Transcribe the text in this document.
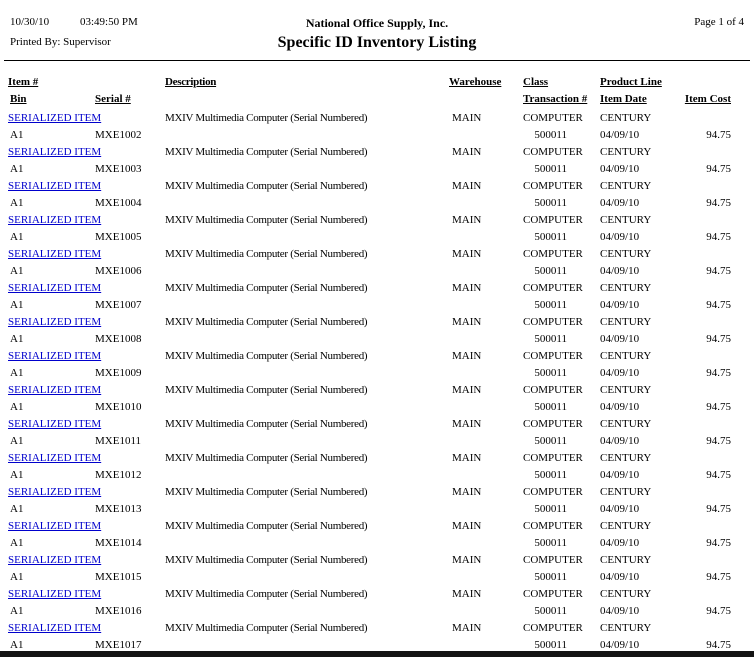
10/30/10	03:49:50 PM	National Office Supply, Inc.	Page 1 of 4
Printed By: Supervisor	Specific ID Inventory Listing
Item #	Description	Warehouse Class	Product Line
Bin	Serial #	Transaction # Item Date	Item Cost
SERIALIZED ITEM	MXIV Multimedia Computer (Serial Numbered)	MAIN	COMPUTER CENTURY
A1	MXE1002	500011	04/09/10	94.75
SERIALIZED ITEM	MXIV Multimedia Computer (Serial Numbered)	MAIN	COMPUTER CENTURY
A1	MXE1003	500011	04/09/10	94.75
SERIALIZED ITEM	MXIV Multimedia Computer (Serial Numbered)	MAIN	COMPUTER CENTURY
A1	MXE1004	500011	04/09/10	94.75
SERIALIZED ITEM	MXIV Multimedia Computer (Serial Numbered)	MAIN	COMPUTER CENTURY
A1	MXE1005	500011	04/09/10	94.75
SERIALIZED ITEM	MXIV Multimedia Computer (Serial Numbered)	MAIN	COMPUTER CENTURY
A1	MXE1006	500011	04/09/10	94.75
SERIALIZED ITEM	MXIV Multimedia Computer (Serial Numbered)	MAIN	COMPUTER CENTURY
A1	MXE1007	500011	04/09/10	94.75
SERIALIZED ITEM	MXIV Multimedia Computer (Serial Numbered)	MAIN	COMPUTER CENTURY
A1	MXE1008	500011	04/09/10	94.75
SERIALIZED ITEM	MXIV Multimedia Computer (Serial Numbered)	MAIN	COMPUTER CENTURY
A1	MXE1009	500011	04/09/10	94.75
SERIALIZED ITEM	MXIV Multimedia Computer (Serial Numbered)	MAIN	COMPUTER CENTURY
A1	MXE1010	500011	04/09/10	94.75
SERIALIZED ITEM	MXIV Multimedia Computer (Serial Numbered)	MAIN	COMPUTER CENTURY
A1	MXE1011	500011	04/09/10	94.75
SERIALIZED ITEM	MXIV Multimedia Computer (Serial Numbered)	MAIN	COMPUTER CENTURY
A1	MXE1012	500011	04/09/10	94.75
SERIALIZED ITEM	MXIV Multimedia Computer (Serial Numbered)	MAIN	COMPUTER CENTURY
A1	MXE1013	500011	04/09/10	94.75
SERIALIZED ITEM	MXIV Multimedia Computer (Serial Numbered)	MAIN	COMPUTER CENTURY
A1	MXE1014	500011	04/09/10	94.75
SERIALIZED ITEM	MXIV Multimedia Computer (Serial Numbered)	MAIN	COMPUTER CENTURY
A1	MXE1015	500011	04/09/10	94.75
SERIALIZED ITEM	MXIV Multimedia Computer (Serial Numbered)	MAIN	COMPUTER CENTURY
A1	MXE1016	500011	04/09/10	94.75
SERIALIZED ITEM	MXIV Multimedia Computer (Serial Numbered)	MAIN	COMPUTER CENTURY
A1	MXE1017	500011	04/09/10	94.75
